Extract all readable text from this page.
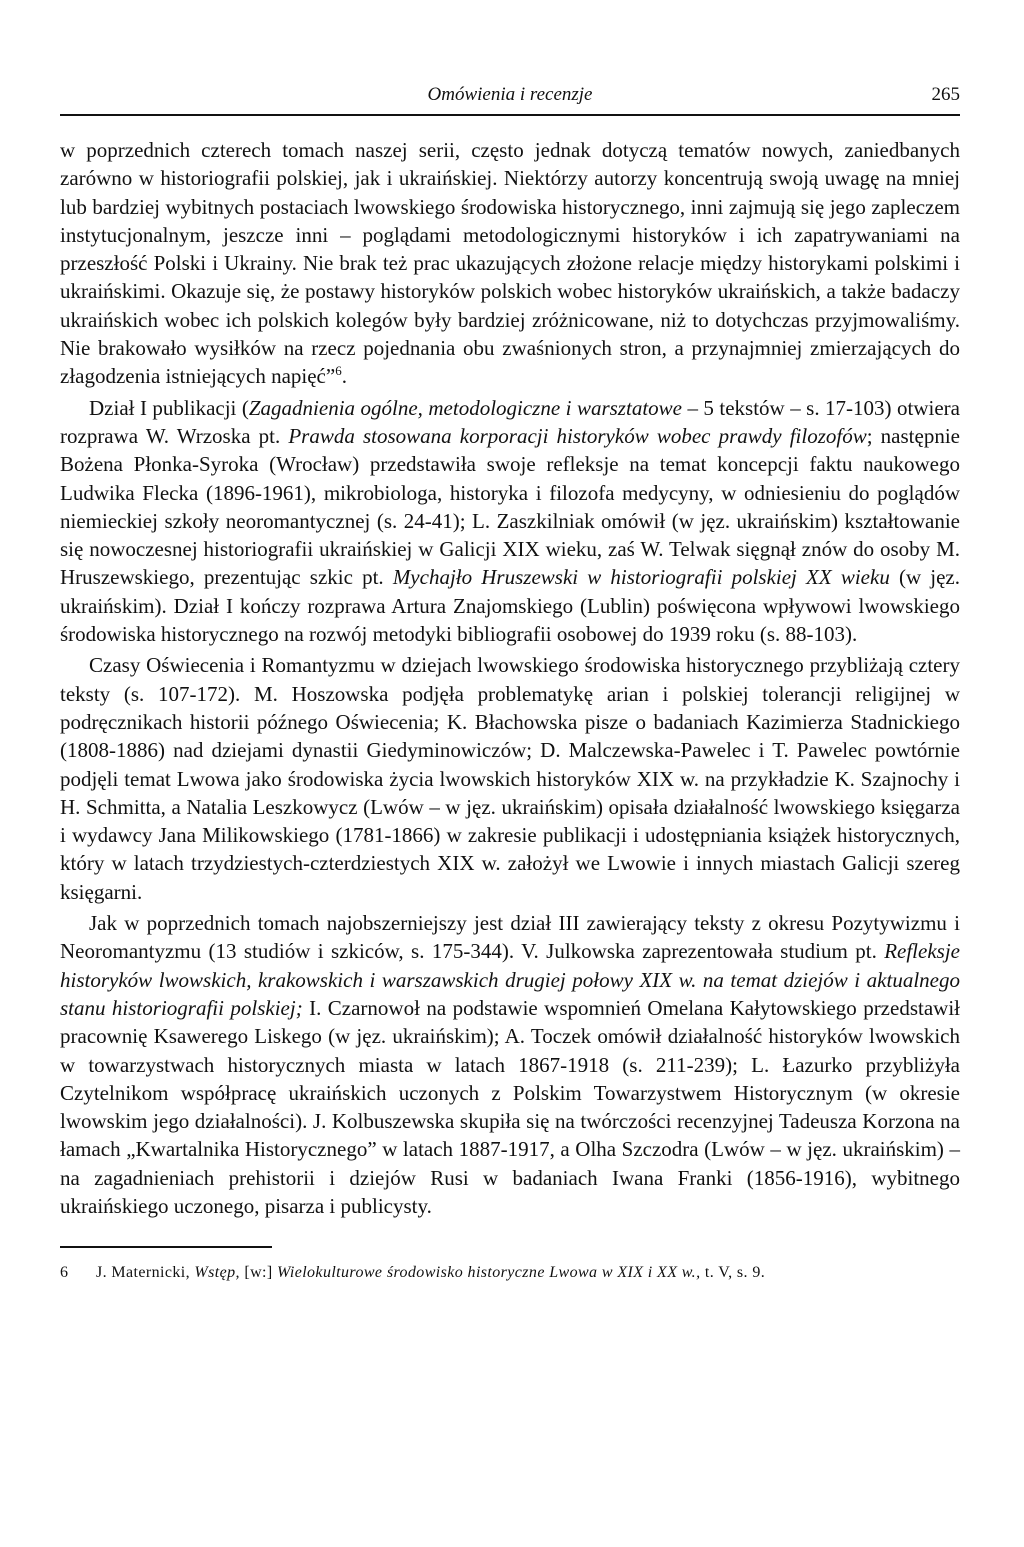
Omówienia i recenzje	265

w poprzednich czterech tomach naszej serii, często jednak dotyczą tematów nowych, zaniedbanych zarówno w historiografii polskiej, jak i ukraińskiej. Niektórzy autorzy koncentrują swoją uwagę na mniej lub bardziej wybitnych postaciach lwowskiego środowiska historycznego, inni zajmują się jego zapleczem instytucjonalnym, jeszcze inni – poglądami metodologicznymi historyków i ich zapatrywaniami na przeszłość Polski i Ukrainy. Nie brak też prac ukazujących złożone relacje między historykami polskimi i ukraińskimi. Okazuje się, że postawy historyków polskich wobec historyków ukraińskich, a także badaczy ukraińskich wobec ich polskich kolegów były bardziej zróżnicowane, niż to dotychczas przyjmowaliśmy. Nie brakowało wysiłków na rzecz pojednania obu zwaśnionych stron, a przynajmniej zmierzających do złagodzenia istniejących napięć”$^6$.

Dział I publikacji (Zagadnienia ogólne, metodologiczne i warsztatowe – 5 tekstów – s. 17-103) otwiera rozprawa W. Wrzoska pt. Prawda stosowana korporacji historyków wobec prawdy filozofów; następnie Bożena Płonka-Syroka (Wrocław) przedstawiła swoje refleksje na temat koncepcji faktu naukowego Ludwika Flecka (1896-1961), mikrobiologa, historyka i filozofa medycyny, w odniesieniu do poglądów niemieckiej szkoły neoromantycznej (s. 24-41); L. Zaszkilniak omówił (w jęz. ukraińskim) kształtowanie się nowoczesnej historiografii ukraińskiej w Galicji XIX wieku, zaś W. Telwak sięgnął znów do osoby M. Hruszewskiego, prezentując szkic pt. Mychajło Hruszewski w historiografii polskiej XX wieku (w jęz. ukraińskim). Dział I kończy rozprawa Artura Znajomskiego (Lublin) poświęcona wpływowi lwowskiego środowiska historycznego na rozwój metodyki bibliografii osobowej do 1939 roku (s. 88-103).

Czasy Oświecenia i Romantyzmu w dziejach lwowskiego środowiska historycznego przybliżają cztery teksty (s. 107-172). M. Hoszowska podjęła problematykę arian i polskiej tolerancji religijnej w podręcznikach historii późnego Oświecenia; K. Błachowska pisze o badaniach Kazimierza Stadnickiego (1808-1886) nad dziejami dynastii Giedyminowiczów; D. Malczewska-Pawelec i T. Pawelec powtórnie podjęli temat Lwowa jako środowiska życia lwowskich historyków XIX w. na przykładzie K. Szajnochy i H. Schmitta, a Natalia Leszkowycz (Lwów – w jęz. ukraińskim) opisała działalność lwowskiego księgarza i wydawcy Jana Milikowskiego (1781-1866) w zakresie publikacji i udostępniania książek historycznych, który w latach trzydziestych-czterdziestych XIX w. założył we Lwowie i innych miastach Galicji szereg księgarni.

Jak w poprzednich tomach najobszerniejszy jest dział III zawierający teksty z okresu Pozytywizmu i Neoromantyzmu (13 studiów i szkiców, s. 175-344). V. Julkowska zaprezentowała studium pt. Refleksje historyków lwowskich, krakowskich i warszawskich drugiej połowy XIX w. na temat dziejów i aktualnego stanu historiografii polskiej; I. Czarnowoł na podstawie wspomnień Omelana Kałytowskiego przedstawił pracownię Ksawerego Liskego (w jęz. ukraińskim); A. Toczek omówił działalność historyków lwowskich w towarzystwach historycznych miasta w latach 1867-1918 (s. 211-239); L. Łazurko przybliżyła Czytelnikom współpracę ukraińskich uczonych z Polskim Towarzystwem Historycznym (w okresie lwowskim jego działalności). J. Kolbuszewska skupiła się na twórczości recenzyjnej Tadeusza Korzona na łamach „Kwartalnika Historycznego” w latach 1887-1917, a Olha Szczodra (Lwów – w jęz. ukraińskim) – na zagadnieniach prehistorii i dziejów Rusi w badaniach Iwana Franki (1856-1916), wybitnego ukraińskiego uczonego, pisarza i publicysty.

6 J. Maternicki, Wstęp, [w:] Wielokulturowe środowisko historyczne Lwowa w XIX i XX w., t. V, s. 9.
